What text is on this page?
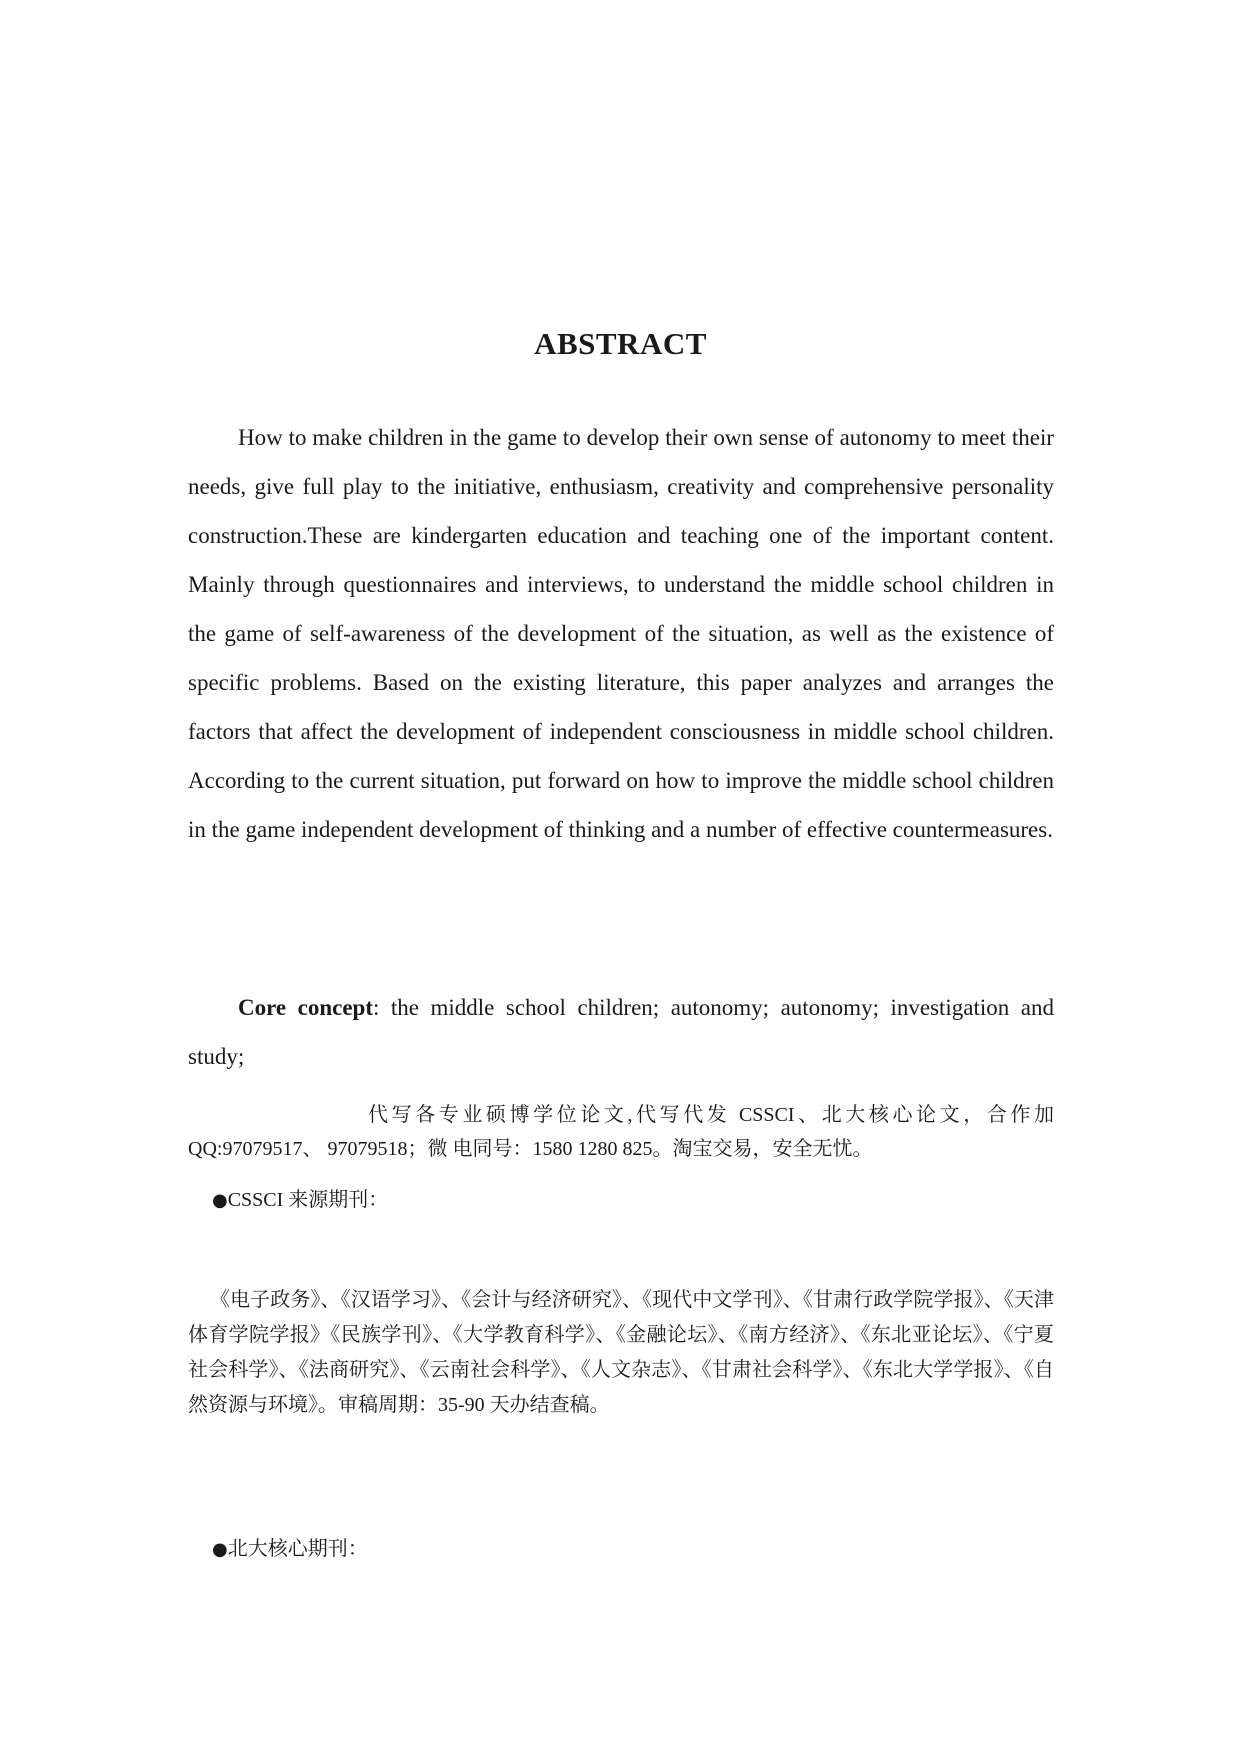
ABSTRACT

How to make children in the game to develop their own sense of autonomy to meet their needs, give full play to the initiative, enthusiasm, creativity and comprehensive personality construction.These are kindergarten education and teaching one of the important content. Mainly through questionnaires and interviews, to understand the middle school children in the game of self-awareness of the development of the situation, as well as the existence of specific problems. Based on the existing literature, this paper analyzes and arranges the factors that affect the development of independent consciousness in middle school children. According to the current situation, put forward on how to improve the middle school children in the game independent development of thinking and a number of effective countermeasures.

Core concept: the middle school children; autonomy; autonomy; investigation and study;

代写各专业硕博学位论文,代写代发 CSSCI、北大核心论文，合作加 QQ:97079517、 97079518；微 电同号：1580 1280 825。淘宝交易，安全无忧。

●CSSCI 来源期刊：

《电子政务》、《汉语学习》、《会计与经济研究》、《现代中文学刊》、《甘肃行政学院学报》、《天津体育学院学报》《民族学刊》、《大学教育科学》、《金融论坛》、《南方经济》、《东北亚论坛》、《宁夏社会科学》、《法商研究》、《云南社会科学》、《人文杂志》、《甘肃社会科学》、《东北大学学报》、《自然资源与环境》。审稿周期：35-90 天办结查稿。

●北大核心期刊：
